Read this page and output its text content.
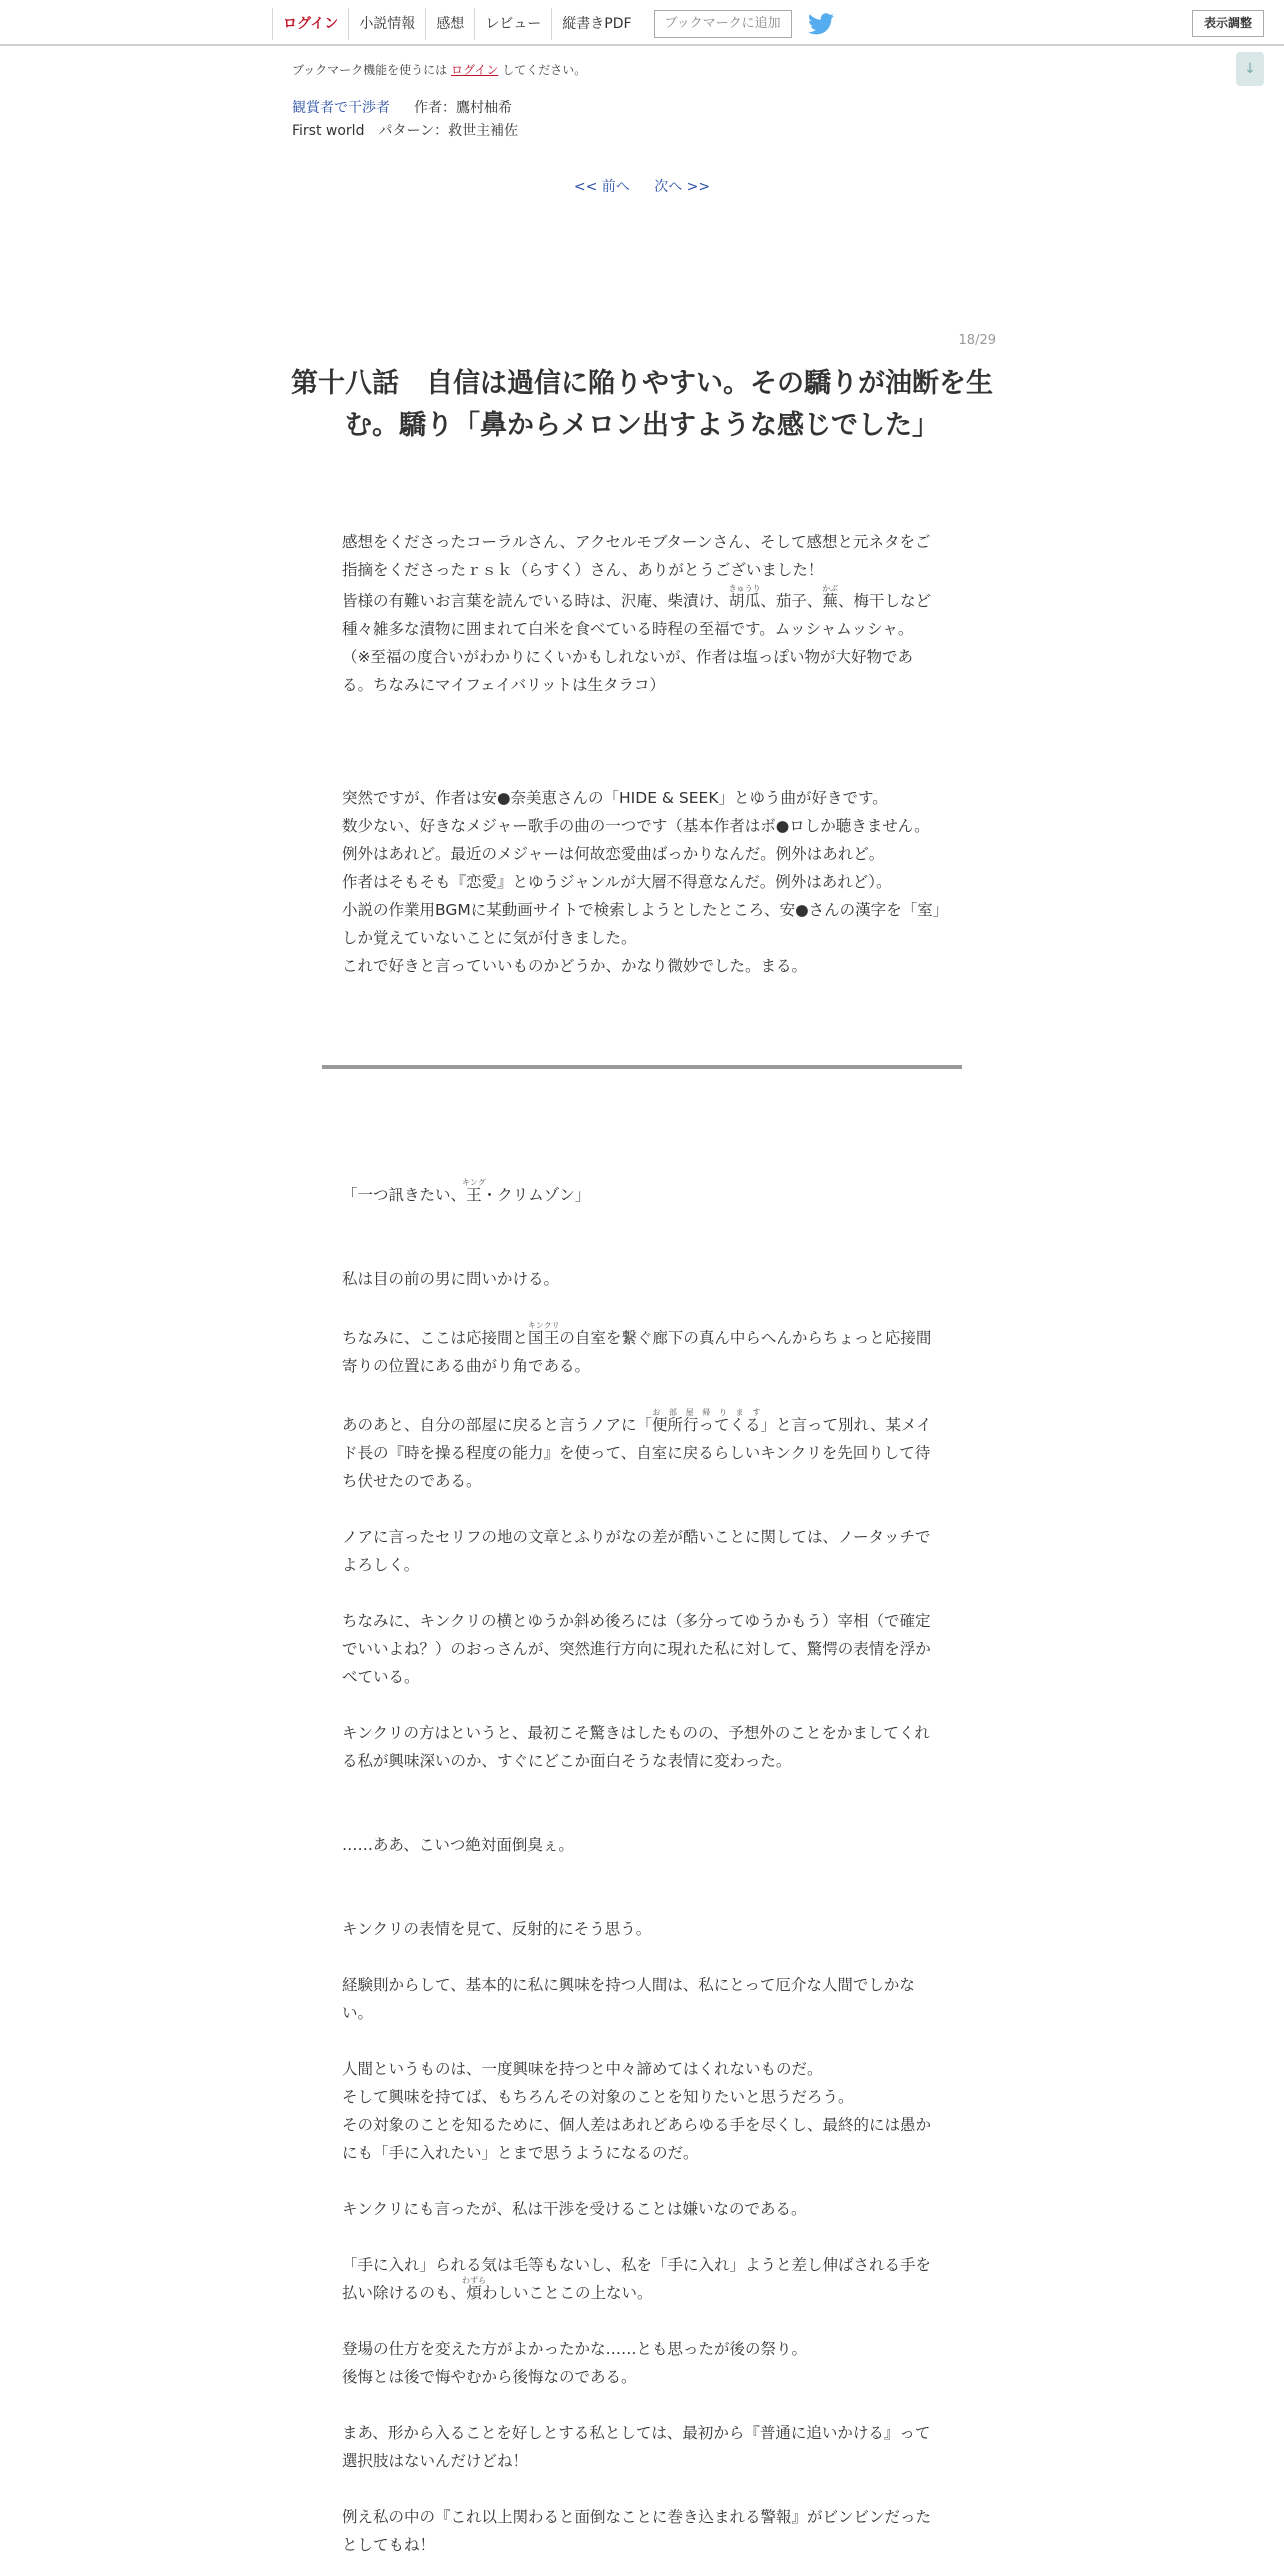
ログイン	小説情報	感想	レビュー	縦書きPDF	ブックマークに追加	表示調整
↓
ブックマーク機能を使うには ログイン してください。
観賞者で干渉者 作者：鷹村柚希
First world　パターン：救世主補佐
<< 前へ 次へ >>
18/29
第十八話　自信は過信に陥りやすい。その驕りが油断を生む。驕り「鼻からメロン出すような感じでした」

感想をくださったコーラルさん、アクセルモブターンさん、そして感想と元ネタをご指摘をくださったｒｓｋ（らすく）さん、ありがとうございました！

皆様の有難いお言葉を読んでいる時は、沢庵、柴漬け、胡瓜きゅうり、茄子、蕪かぶ、梅干しなど種々雑多な漬物に囲まれて白米を食べている時程の至福です。ムッシャムッシャ。

（※至福の度合いがわかりにくいかもしれないが、作者は塩っぽい物が大好物である。ちなみにマイフェイバリットは生タラコ）

突然ですが、作者は安●奈美恵さんの「HIDE & SEEK」とゆう曲が好きです。

数少ない、好きなメジャー歌手の曲の一つです（基本作者はボ●ロしか聴きません。例外はあれど。最近のメジャーは何故恋愛曲ばっかりなんだ。例外はあれど。

作者はそもそも『恋愛』とゆうジャンルが大層不得意なんだ。例外はあれど）。

小説の作業用BGMに某動画サイトで検索しようとしたところ、安●さんの漢字を「室」しか覚えていないことに気が付きました。

これで好きと言っていいものかどうか、かなり微妙でした。まる。

「一つ訊きたい、王キング・クリムゾン」

私は目の前の男に問いかける。

ちなみに、ここは応接間と国王キンクリの自室を繋ぐ廊下の真ん中らへんからちょっと応接間寄りの位置にある曲がり角である。

あのあと、自分の部屋に戻ると言うノアに「便所行ってくるお　部　屋　帰　り　ま　す」と言って別れ、某メイド長の『時を操る程度の能力』を使って、自室に戻るらしいキンクリを先回りして待ち伏せたのである。

ノアに言ったセリフの地の文章とふりがなの差が酷いことに関しては、ノータッチでよろしく。

ちなみに、キンクリの横とゆうか斜め後ろには（多分ってゆうかもう）宰相（で確定でいいよね？）のおっさんが、突然進行方向に現れた私に対して、驚愕の表情を浮かべている。

キンクリの方はというと、最初こそ驚きはしたものの、予想外のことをかましてくれる私が興味深いのか、すぐにどこか面白そうな表情に変わった。

……ああ、こいつ絶対面倒臭ぇ。

キンクリの表情を見て、反射的にそう思う。

経験則からして、基本的に私に興味を持つ人間は、私にとって厄介な人間でしかない。

人間というものは、一度興味を持つと中々諦めてはくれないものだ。

そして興味を持てば、もちろんその対象のことを知りたいと思うだろう。

その対象のことを知るために、個人差はあれどあらゆる手を尽くし、最終的には愚かにも「手に入れたい」とまで思うようになるのだ。

キンクリにも言ったが、私は干渉を受けることは嫌いなのである。

「手に入れ」られる気は毛等もないし、私を「手に入れ」ようと差し伸ばされる手を払い除けるのも、煩わずらわしいことこの上ない。

登場の仕方を変えた方がよかったかな……とも思ったが後の祭り。

後悔とは後で悔やむから後悔なのである。

まあ、形から入ることを好しとする私としては、最初から『普通に追いかける』って選択肢はないんだけどね！

例え私の中の『これ以上関わると面倒なことに巻き込まれる警報』がビンビンだったとしてもね！
